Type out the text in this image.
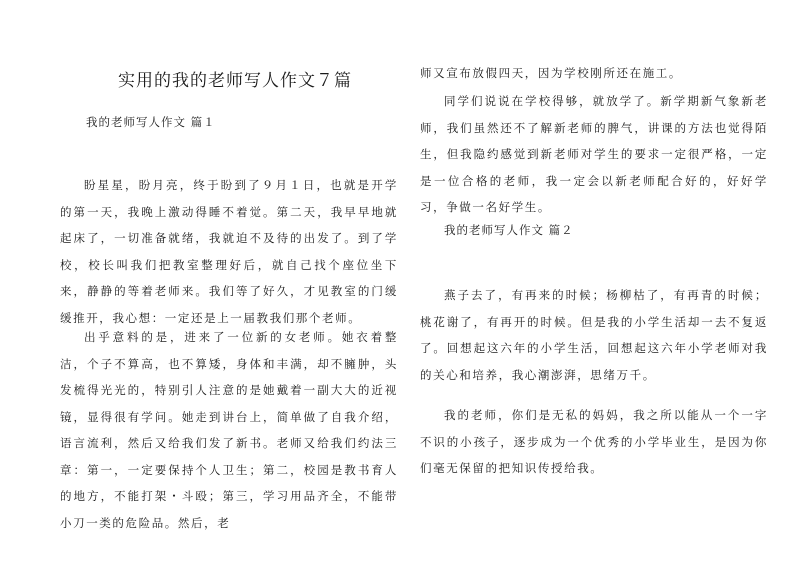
实用的我的老师写人作文７篇
我的老师写人作文 篇１

盼星星，盼月亮，终于盼到了９月１日，也就是开学的第一天，我晚上激动得睡不着觉。第二天，我早早地就起床了，一切准备就绪，我就迫不及待的出发了。到了学校，校长叫我们把教室整理好后，就自己找个座位坐下来，静静的等着老师来。我们等了好久，才见教室的门缓缓推开，我心想：一定还是上一届教我们那个老师。

出乎意料的是，进来了一位新的女老师。她衣着整洁，个子不算高，也不算矮，身体和丰满，却不臃肿，头发梳得光光的，特别引人注意的是她戴着一副大大的近视镜，显得很有学问。她走到讲台上，简单做了自我介绍，语言流利，然后又给我们发了新书。老师又给我们约法三章：第一，一定要保持个人卫生；第二，校园是教书育人的地方，不能打架・斗殴；第三，学习用品齐全，不能带小刀一类的危险品。然后，老

师又宣布放假四天，因为学校刚所还在施工。

同学们说说在学校得够，就放学了。新学期新气象新老师，我们虽然还不了解新老师的脾气，讲课的方法也觉得陌生，但我隐约感觉到新老师对学生的要求一定很严格，一定是一位合格的老师，我一定会以新老师配合好的，好好学习，争做一名好学生。

我的老师写人作文 篇２

燕子去了，有再来的时候；杨柳枯了，有再青的时候；桃花谢了，有再开的时候。但是我的小学生活却一去不复返了。回想起这六年的小学生活，回想起这六年小学老师对我的关心和培养，我心潮澎湃，思绪万千。

我的老师，你们是无私的妈妈，我之所以能从一个一字不识的小孩子，逐步成为一个优秀的小学毕业生，是因为你们毫无保留的把知识传授给我。
